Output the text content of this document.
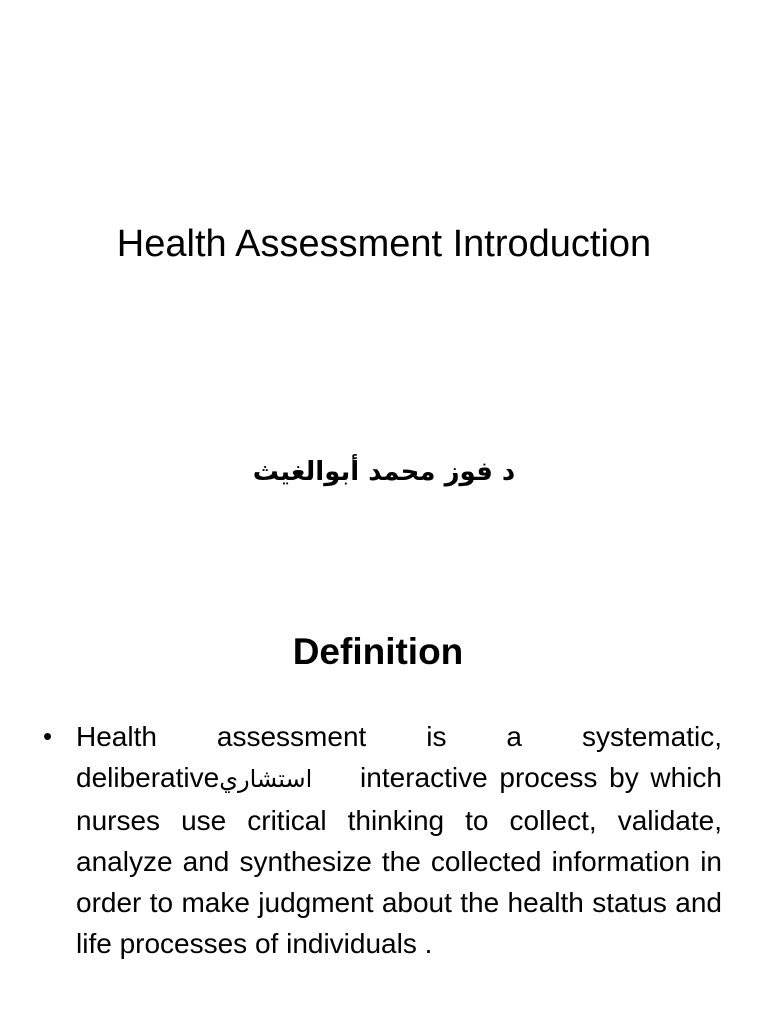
Health Assessment Introduction
د فوز محمد أبوالغيث
Definition
• Health assessment is a systematic, deliberativeاستشاري interactive process by which nurses use critical thinking to collect, validate, analyze and synthesize the collected information in order to make judgment about the health status and life processes of individuals .
